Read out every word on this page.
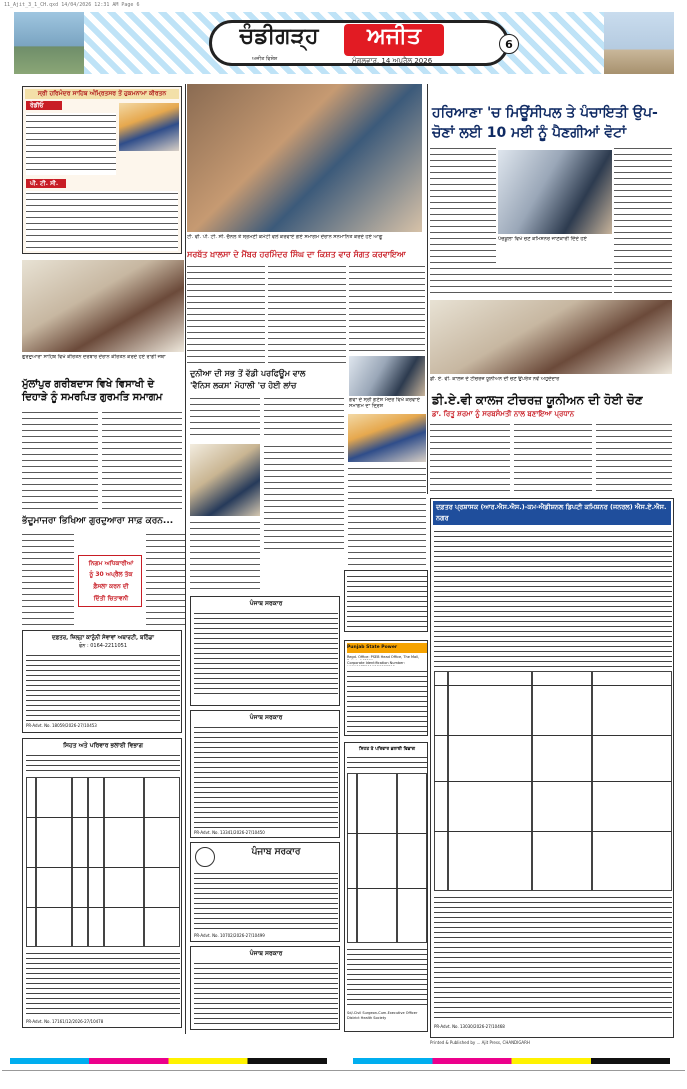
11_Ajit_3_1_CH.qxd 14/04/2026 12:31 AM Page 6
ਚੰਡੀਗੜ੍ਹ	ਅਜੀਤ
ਅਜੀਤ ਵਿਸ਼ੇਸ਼	ਮੰਗਲਵਾਰ, 14 ਅਪ੍ਰੈਲ 2026
6
ਸ੍ਰੀ ਹਰਿਮੰਦਰ ਸਾਹਿਬ ਅੰਮ੍ਰਿਤਸਰ ਤੋਂ ਹੁਕਮਨਾਮਾ ਕੀਰਤਨ
ਰੇਡੀਓ
ਪੀ. ਟੀ. ਸੀ.
ਗੁਰਦੁਆਰਾ ਸਾਹਿਬ ਵਿਖੇ ਕੀਰਤਨ ਦਰਬਾਰ ਦੌਰਾਨ ਕੀਰਤਨ ਕਰਦੇ ਹੋਏ ਰਾਗੀ ਜਥਾ
ਮੁੱਲਾਂਪੁਰ ਗਰੀਬਦਾਸ ਵਿਖੇ ਵਿਸਾਖੀ ਦੇ
ਦਿਹਾੜੇ ਨੂੰ ਸਮਰਪਿਤ ਗੁਰਮਤਿ ਸਮਾਗਮ
ਭੱਦੂਮਾਜਰਾ ਭਿਖਿਆ ਗੁਰਦੁਆਰਾ ਸਾਫ਼ ਕਰਨ...
ਨਿਗਮ ਅਧਿਕਾਰੀਆਂ
ਨੂੰ 30 ਅਪ੍ਰੈਲ ਤੱਕ
ਫ਼ੈਸਲਾ ਕਰਨ ਦੀ
ਦਿੱਤੀ ਚਿਤਾਵਨੀ
ਦਫ਼ਤਰ, ਜ਼ਿਲ੍ਹਾ ਕਾਨੂੰਨੀ ਸੇਵਾਵਾਂ ਅਥਾਰਟੀ, ਬਠਿੰਡਾ
ਫੋਨ : 0164-2211051
PR-Advt. No. 18059/2026-27/10453
ਸਿਹਤ ਅਤੇ ਪਰਿਵਾਰ ਭਲਾਈ ਵਿਭਾਗ
PR-Advt. No. 17161/12/2026-27/10478
ਟੀ. ਵੀ. ਪੀ. ਟੀ. ਸੀ. ਚੈਨਲ ਤੇ ਸ਼੍ਰੋਮਣੀ ਕਮੇਟੀ ਵਲੋਂ ਕਰਵਾਏ ਗਏ ਸਮਾਗਮ ਦੌਰਾਨ ਸਨਮਾਨਿਤ ਕਰਦੇ ਹੋਏ ਆਗੂ
ਸਰਬੱਤ ਖ਼ਾਲਸਾ ਦੇ ਮੈਂਬਰ ਹਰਮਿੰਦਰ ਸਿੰਘ ਦਾ ਕਿਸ਼ਤ ਵਾਰ ਸੰਗਤ ਕਰਵਾਇਆ
ਗੋਵਾ ਦੇ ਸ੍ਰੀ ਗਣੇਸ਼ ਮੰਦਰ ਵਿਖੇ ਕਰਵਾਏ ਸਮਾਗਮ ਦਾ ਦ੍ਰਿਸ਼
ਦੁਨੀਆ ਦੀ ਸਭ ਤੋਂ ਵੱਡੀ ਪਰਫਿਊਮ ਵਾਲ
'ਵੈਨਿਸ ਲਕਸ' ਮੋਹਾਲੀ 'ਚ ਹੋਈ ਲਾਂਚ
ਪੰਜਾਬ ਸਰਕਾਰ
ਪੰਜਾਬ ਸਰਕਾਰ
PR-Advt. No. 13341/2026-27/10450
ਪੰਜਾਬ ਸਰਕਾਰ
PR-Advt. No. 10702/2026-27/10499
ਪੰਜਾਬ ਸਰਕਾਰ
ਹਰਿਆਣਾ 'ਚ ਮਿਊਂਸੀਪਲ ਤੇ ਪੰਚਾਇਤੀ ਉਪ-
ਚੋਣਾਂ ਲਈ 10 ਮਈ ਨੂੰ ਪੈਣਗੀਆਂ ਵੋਟਾਂ
ਪੰਚਕੂਲਾ ਵਿਖੇ ਚੋਣ ਕਮਿਸ਼ਨਰ ਜਾਣਕਾਰੀ ਦਿੰਦੇ ਹੋਏ
ਡੀ. ਏ. ਵੀ. ਕਾਲਜ ਦੇ ਟੀਚਰਜ਼ ਯੂਨੀਅਨ ਦੀ ਚੋਣ ਉਪਰੰਤ ਨਵੇਂ ਅਹੁਦੇਦਾਰ
ਡੀ.ਏ.ਵੀ ਕਾਲਜ ਟੀਚਰਜ਼ ਯੂਨੀਅਨ ਦੀ ਹੋਈ ਚੋਣ
ਡਾ. ਰਿਤੂ ਸ਼ਰਮਾ ਨੂੰ ਸਰਬਸੰਮਤੀ ਨਾਲ ਬਣਾਇਆ ਪ੍ਰਧਾਨ
ਦਫ਼ਤਰ ਪ੍ਰਸ਼ਾਸਕ (ਆਰ.ਐਸ.ਐਸ.)-ਕਮ-ਐਡੀਸ਼ਨਲ ਡਿਪਟੀ ਕਮਿਸ਼ਨਰ (ਜਨਰਲ) ਐਸ.ਏ.ਐਸ. ਨਗਰ
PR-Advt. No. 13030/2026-27/10468
Punjab State Power
Regd. Office: PSEB Head Office, The Mall,
Corporate Identification Number:
ਸਿਹਤ ਤੇ ਪਰਿਵਾਰ ਭਲਾਈ ਵਿਭਾਗ
Sd/-Civil Surgeon-Cum-Executive Officer District Health Society
Printed & Published by ... Ajit Press, CHANDIGARH
